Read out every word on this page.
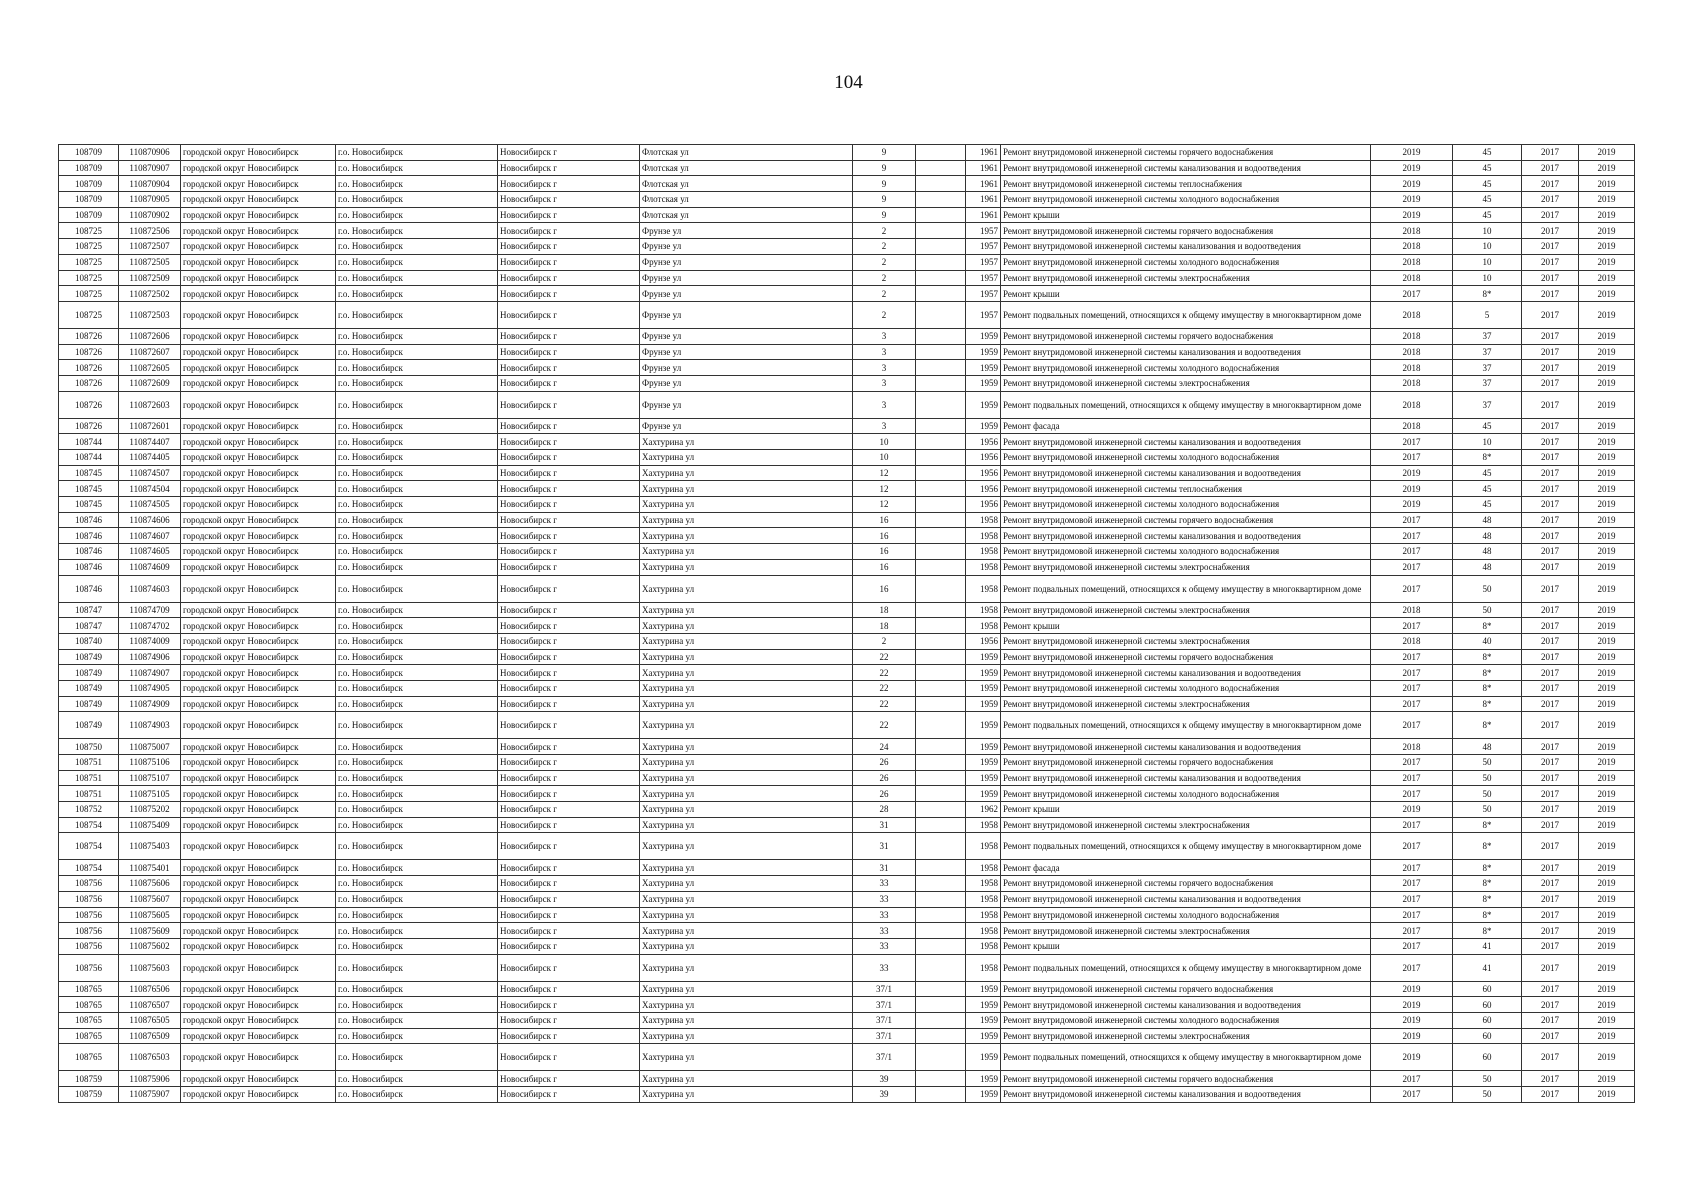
104
108709	110870906	городской округ Новосибирск	г.о. Новосибирск	Новосибирск г	Флотская ул	9		1961	Ремонт внутридомовой инженерной системы горячего водоснабжения	2019	45	2017	2019
108709	110870907	городской округ Новосибирск	г.о. Новосибирск	Новосибирск г	Флотская ул	9		1961	Ремонт внутридомовой инженерной системы канализования и водоотведения	2019	45	2017	2019
108709	110870904	городской округ Новосибирск	г.о. Новосибирск	Новосибирск г	Флотская ул	9		1961	Ремонт внутридомовой инженерной системы теплоснабжения	2019	45	2017	2019
108709	110870905	городской округ Новосибирск	г.о. Новосибирск	Новосибирск г	Флотская ул	9		1961	Ремонт внутридомовой инженерной системы холодного водоснабжения	2019	45	2017	2019
108709	110870902	городской округ Новосибирск	г.о. Новосибирск	Новосибирск г	Флотская ул	9		1961	Ремонт крыши	2019	45	2017	2019
108725	110872506	городской округ Новосибирск	г.о. Новосибирск	Новосибирск г	Фрунзе ул	2		1957	Ремонт внутридомовой инженерной системы горячего водоснабжения	2018	10	2017	2019
108725	110872507	городской округ Новосибирск	г.о. Новосибирск	Новосибирск г	Фрунзе ул	2		1957	Ремонт внутридомовой инженерной системы канализования и водоотведения	2018	10	2017	2019
108725	110872505	городской округ Новосибирск	г.о. Новосибирск	Новосибирск г	Фрунзе ул	2		1957	Ремонт внутридомовой инженерной системы холодного водоснабжения	2018	10	2017	2019
108725	110872509	городской округ Новосибирск	г.о. Новосибирск	Новосибирск г	Фрунзе ул	2		1957	Ремонт внутридомовой инженерной системы электроснабжения	2018	10	2017	2019
108725	110872502	городской округ Новосибирск	г.о. Новосибирск	Новосибирск г	Фрунзе ул	2		1957	Ремонт крыши	2017	8*	2017	2019
108725	110872503	городской округ Новосибирск	г.о. Новосибирск	Новосибирск г	Фрунзе ул	2		1957	Ремонт подвальных помещений, относящихся к общему имуществу в многоквартирном доме	2018	5	2017	2019
108726	110872606	городской округ Новосибирск	г.о. Новосибирск	Новосибирск г	Фрунзе ул	3		1959	Ремонт внутридомовой инженерной системы горячего водоснабжения	2018	37	2017	2019
108726	110872607	городской округ Новосибирск	г.о. Новосибирск	Новосибирск г	Фрунзе ул	3		1959	Ремонт внутридомовой инженерной системы канализования и водоотведения	2018	37	2017	2019
108726	110872605	городской округ Новосибирск	г.о. Новосибирск	Новосибирск г	Фрунзе ул	3		1959	Ремонт внутридомовой инженерной системы холодного водоснабжения	2018	37	2017	2019
108726	110872609	городской округ Новосибирск	г.о. Новосибирск	Новосибирск г	Фрунзе ул	3		1959	Ремонт внутридомовой инженерной системы электроснабжения	2018	37	2017	2019
108726	110872603	городской округ Новосибирск	г.о. Новосибирск	Новосибирск г	Фрунзе ул	3		1959	Ремонт подвальных помещений, относящихся к общему имуществу в многоквартирном доме	2018	37	2017	2019
108726	110872601	городской округ Новосибирск	г.о. Новосибирск	Новосибирск г	Фрунзе ул	3		1959	Ремонт фасада	2018	45	2017	2019
108744	110874407	городской округ Новосибирск	г.о. Новосибирск	Новосибирск г	Хахтурина ул	10		1956	Ремонт внутридомовой инженерной системы канализования и водоотведения	2017	10	2017	2019
108744	110874405	городской округ Новосибирск	г.о. Новосибирск	Новосибирск г	Хахтурина ул	10		1956	Ремонт внутридомовой инженерной системы холодного водоснабжения	2017	8*	2017	2019
108745	110874507	городской округ Новосибирск	г.о. Новосибирск	Новосибирск г	Хахтурина ул	12		1956	Ремонт внутридомовой инженерной системы канализования и водоотведения	2019	45	2017	2019
108745	110874504	городской округ Новосибирск	г.о. Новосибирск	Новосибирск г	Хахтурина ул	12		1956	Ремонт внутридомовой инженерной системы теплоснабжения	2019	45	2017	2019
108745	110874505	городской округ Новосибирск	г.о. Новосибирск	Новосибирск г	Хахтурина ул	12		1956	Ремонт внутридомовой инженерной системы холодного водоснабжения	2019	45	2017	2019
108746	110874606	городской округ Новосибирск	г.о. Новосибирск	Новосибирск г	Хахтурина ул	16		1958	Ремонт внутридомовой инженерной системы горячего водоснабжения	2017	48	2017	2019
108746	110874607	городской округ Новосибирск	г.о. Новосибирск	Новосибирск г	Хахтурина ул	16		1958	Ремонт внутридомовой инженерной системы канализования и водоотведения	2017	48	2017	2019
108746	110874605	городской округ Новосибирск	г.о. Новосибирск	Новосибирск г	Хахтурина ул	16		1958	Ремонт внутридомовой инженерной системы холодного водоснабжения	2017	48	2017	2019
108746	110874609	городской округ Новосибирск	г.о. Новосибирск	Новосибирск г	Хахтурина ул	16		1958	Ремонт внутридомовой инженерной системы электроснабжения	2017	48	2017	2019
108746	110874603	городской округ Новосибирск	г.о. Новосибирск	Новосибирск г	Хахтурина ул	16		1958	Ремонт подвальных помещений, относящихся к общему имуществу в многоквартирном доме	2017	50	2017	2019
108747	110874709	городской округ Новосибирск	г.о. Новосибирск	Новосибирск г	Хахтурина ул	18		1958	Ремонт внутридомовой инженерной системы электроснабжения	2018	50	2017	2019
108747	110874702	городской округ Новосибирск	г.о. Новосибирск	Новосибирск г	Хахтурина ул	18		1958	Ремонт крыши	2017	8*	2017	2019
108740	110874009	городской округ Новосибирск	г.о. Новосибирск	Новосибирск г	Хахтурина ул	2		1956	Ремонт внутридомовой инженерной системы электроснабжения	2018	40	2017	2019
108749	110874906	городской округ Новосибирск	г.о. Новосибирск	Новосибирск г	Хахтурина ул	22		1959	Ремонт внутридомовой инженерной системы горячего водоснабжения	2017	8*	2017	2019
108749	110874907	городской округ Новосибирск	г.о. Новосибирск	Новосибирск г	Хахтурина ул	22		1959	Ремонт внутридомовой инженерной системы канализования и водоотведения	2017	8*	2017	2019
108749	110874905	городской округ Новосибирск	г.о. Новосибирск	Новосибирск г	Хахтурина ул	22		1959	Ремонт внутридомовой инженерной системы холодного водоснабжения	2017	8*	2017	2019
108749	110874909	городской округ Новосибирск	г.о. Новосибирск	Новосибирск г	Хахтурина ул	22		1959	Ремонт внутридомовой инженерной системы электроснабжения	2017	8*	2017	2019
108749	110874903	городской округ Новосибирск	г.о. Новосибирск	Новосибирск г	Хахтурина ул	22		1959	Ремонт подвальных помещений, относящихся к общему имуществу в многоквартирном доме	2017	8*	2017	2019
108750	110875007	городской округ Новосибирск	г.о. Новосибирск	Новосибирск г	Хахтурина ул	24		1959	Ремонт внутридомовой инженерной системы канализования и водоотведения	2018	48	2017	2019
108751	110875106	городской округ Новосибирск	г.о. Новосибирск	Новосибирск г	Хахтурина ул	26		1959	Ремонт внутридомовой инженерной системы горячего водоснабжения	2017	50	2017	2019
108751	110875107	городской округ Новосибирск	г.о. Новосибирск	Новосибирск г	Хахтурина ул	26		1959	Ремонт внутридомовой инженерной системы канализования и водоотведения	2017	50	2017	2019
108751	110875105	городской округ Новосибирск	г.о. Новосибирск	Новосибирск г	Хахтурина ул	26		1959	Ремонт внутридомовой инженерной системы холодного водоснабжения	2017	50	2017	2019
108752	110875202	городской округ Новосибирск	г.о. Новосибирск	Новосибирск г	Хахтурина ул	28		1962	Ремонт крыши	2019	50	2017	2019
108754	110875409	городской округ Новосибирск	г.о. Новосибирск	Новосибирск г	Хахтурина ул	31		1958	Ремонт внутридомовой инженерной системы электроснабжения	2017	8*	2017	2019
108754	110875403	городской округ Новосибирск	г.о. Новосибирск	Новосибирск г	Хахтурина ул	31		1958	Ремонт подвальных помещений, относящихся к общему имуществу в многоквартирном доме	2017	8*	2017	2019
108754	110875401	городской округ Новосибирск	г.о. Новосибирск	Новосибирск г	Хахтурина ул	31		1958	Ремонт фасада	2017	8*	2017	2019
108756	110875606	городской округ Новосибирск	г.о. Новосибирск	Новосибирск г	Хахтурина ул	33		1958	Ремонт внутридомовой инженерной системы горячего водоснабжения	2017	8*	2017	2019
108756	110875607	городской округ Новосибирск	г.о. Новосибирск	Новосибирск г	Хахтурина ул	33		1958	Ремонт внутридомовой инженерной системы канализования и водоотведения	2017	8*	2017	2019
108756	110875605	городской округ Новосибирск	г.о. Новосибирск	Новосибирск г	Хахтурина ул	33		1958	Ремонт внутридомовой инженерной системы холодного водоснабжения	2017	8*	2017	2019
108756	110875609	городской округ Новосибирск	г.о. Новосибирск	Новосибирск г	Хахтурина ул	33		1958	Ремонт внутридомовой инженерной системы электроснабжения	2017	8*	2017	2019
108756	110875602	городской округ Новосибирск	г.о. Новосибирск	Новосибирск г	Хахтурина ул	33		1958	Ремонт крыши	2017	41	2017	2019
108756	110875603	городской округ Новосибирск	г.о. Новосибирск	Новосибирск г	Хахтурина ул	33		1958	Ремонт подвальных помещений, относящихся к общему имуществу в многоквартирном доме	2017	41	2017	2019
108765	110876506	городской округ Новосибирск	г.о. Новосибирск	Новосибирск г	Хахтурина ул	37/1		1959	Ремонт внутридомовой инженерной системы горячего водоснабжения	2019	60	2017	2019
108765	110876507	городской округ Новосибирск	г.о. Новосибирск	Новосибирск г	Хахтурина ул	37/1		1959	Ремонт внутридомовой инженерной системы канализования и водоотведения	2019	60	2017	2019
108765	110876505	городской округ Новосибирск	г.о. Новосибирск	Новосибирск г	Хахтурина ул	37/1		1959	Ремонт внутридомовой инженерной системы холодного водоснабжения	2019	60	2017	2019
108765	110876509	городской округ Новосибирск	г.о. Новосибирск	Новосибирск г	Хахтурина ул	37/1		1959	Ремонт внутридомовой инженерной системы электроснабжения	2019	60	2017	2019
108765	110876503	городской округ Новосибирск	г.о. Новосибирск	Новосибирск г	Хахтурина ул	37/1		1959	Ремонт подвальных помещений, относящихся к общему имуществу в многоквартирном доме	2019	60	2017	2019
108759	110875906	городской округ Новосибирск	г.о. Новосибирск	Новосибирск г	Хахтурина ул	39		1959	Ремонт внутридомовой инженерной системы горячего водоснабжения	2017	50	2017	2019
108759	110875907	городской округ Новосибирск	г.о. Новосибирск	Новосибирск г	Хахтурина ул	39		1959	Ремонт внутридомовой инженерной системы канализования и водоотведения	2017	50	2017	2019
